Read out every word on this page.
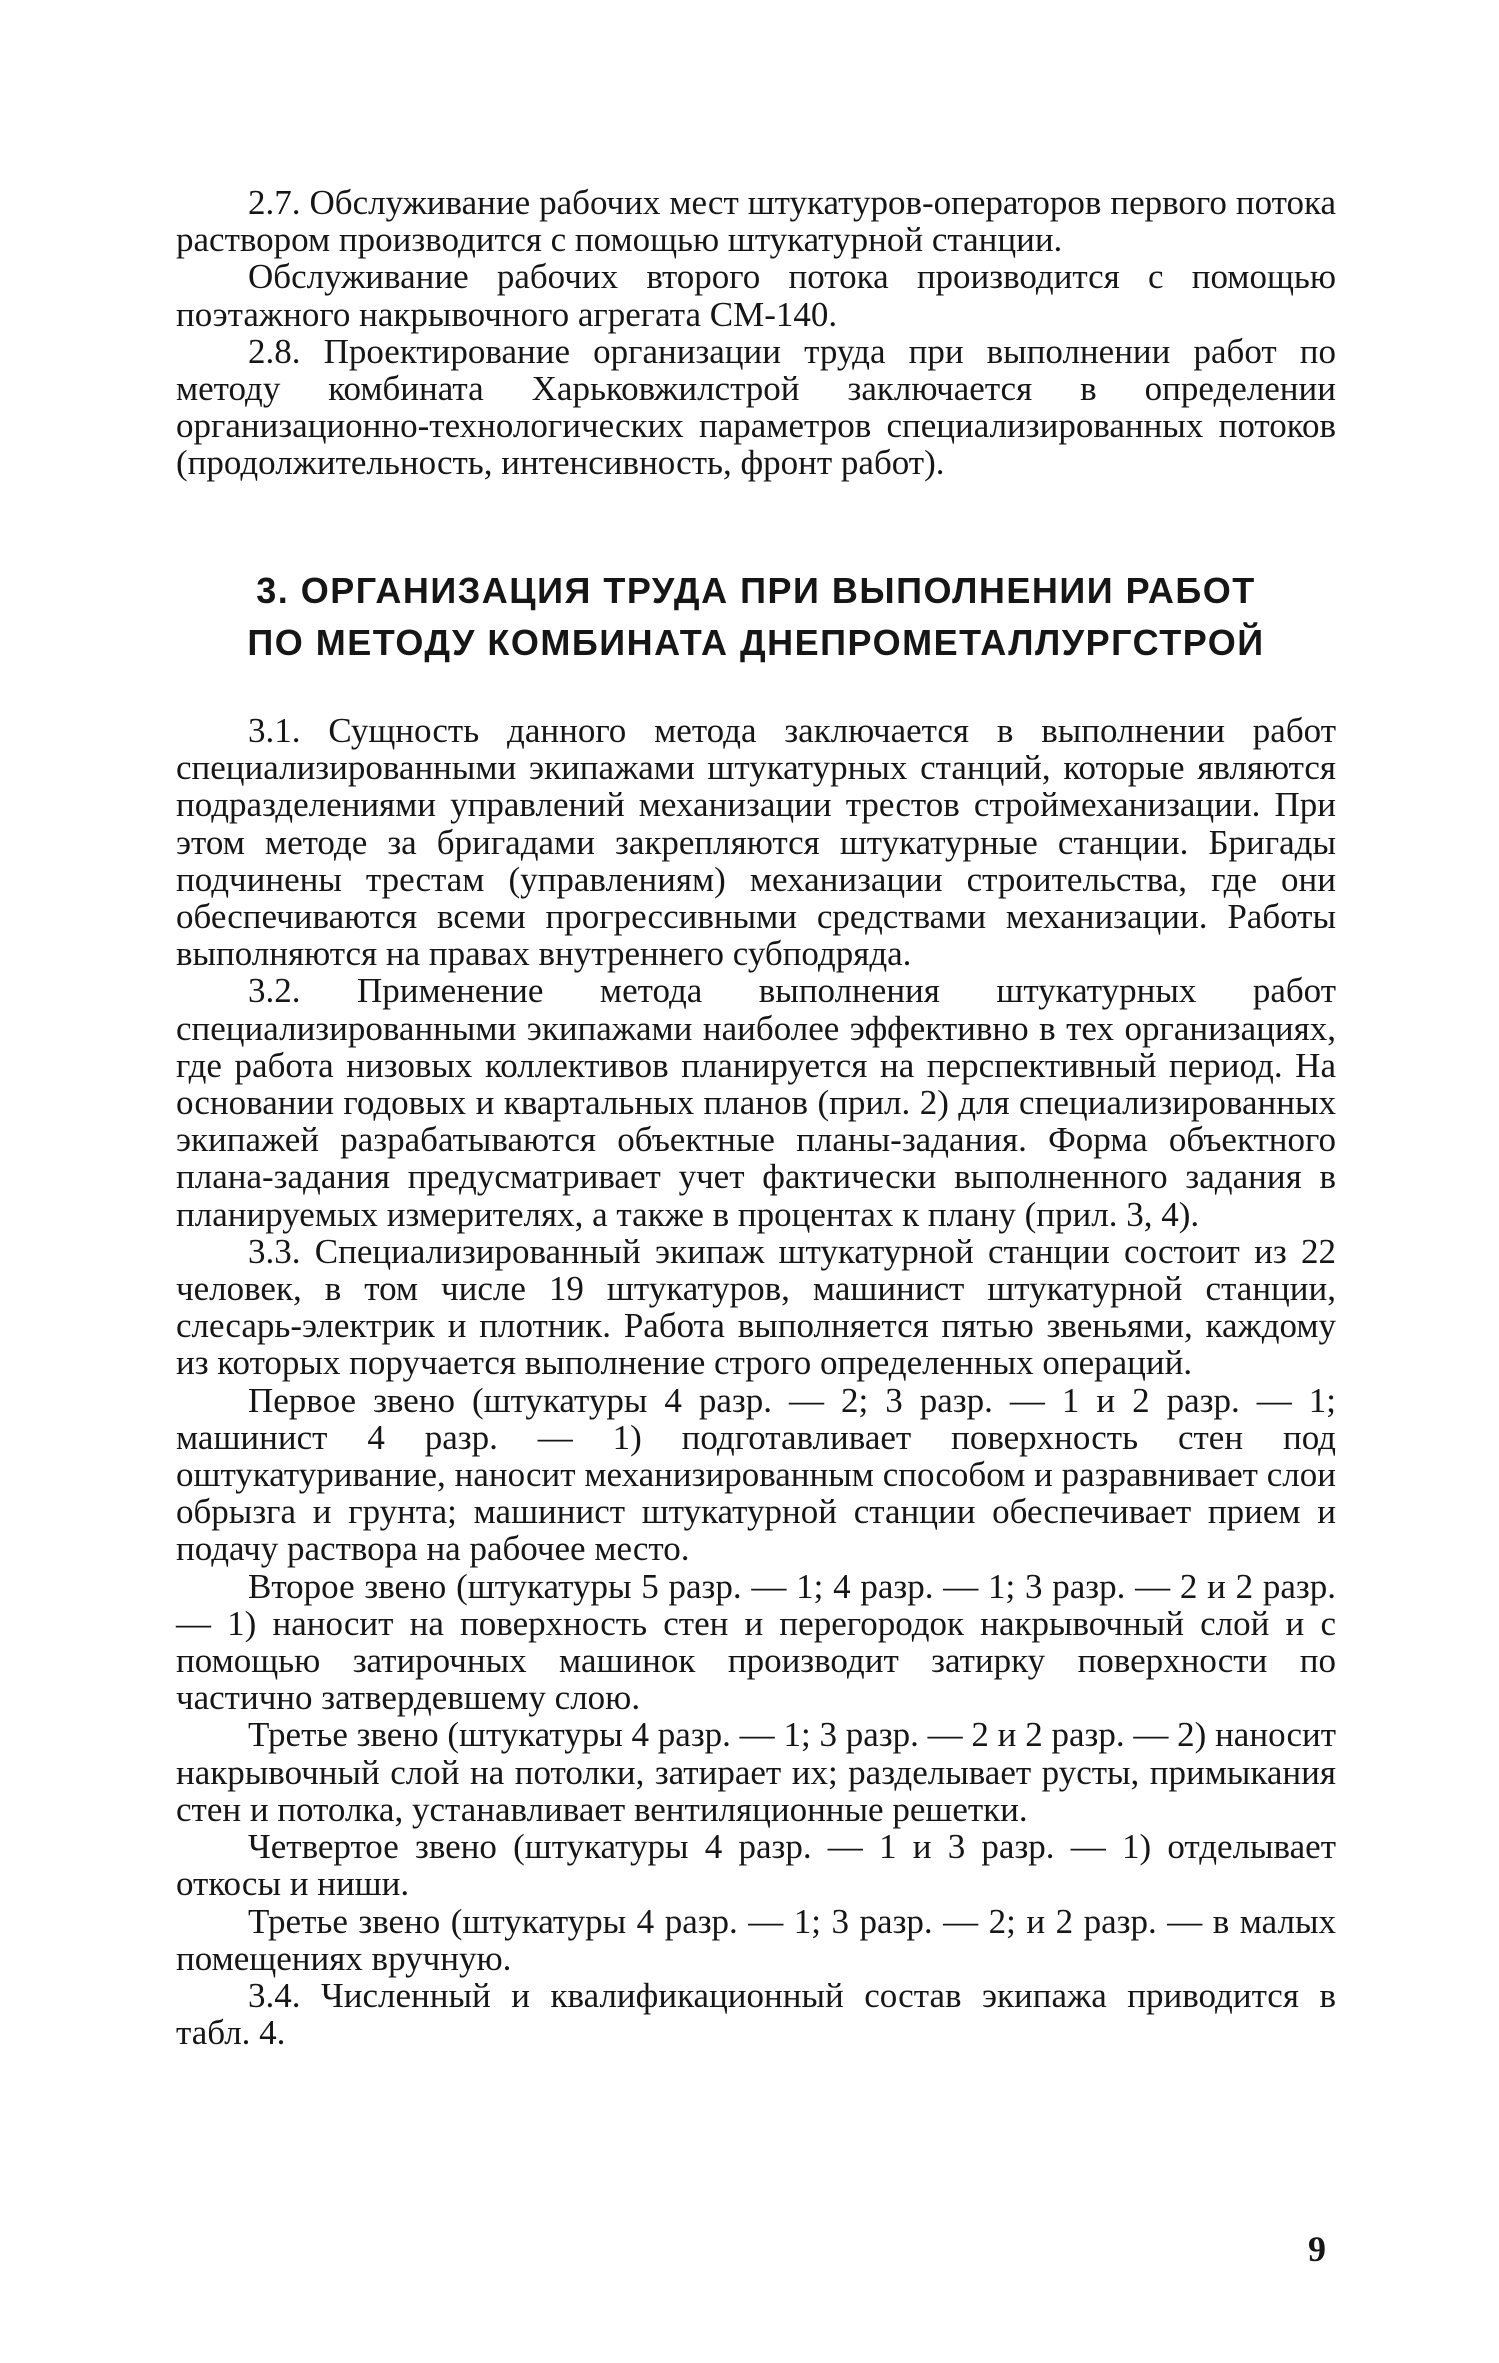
2.7. Обслуживание рабочих мест штукатуров-операторов первого потока раствором производится с помощью штукатурной станции.

Обслуживание рабочих второго потока производится с помощью поэтажного накрывочного агрегата СМ-140.

2.8. Проектирование организации труда при выполнении работ по методу комбината Харьковжилстрой заключается в определении организационно-технологических параметров специализированных потоков (продолжительность, интенсивность, фронт работ).

3. ОРГАНИЗАЦИЯ ТРУДА ПРИ ВЫПОЛНЕНИИ РАБОТ
ПО МЕТОДУ КОМБИНАТА ДНЕПРОМЕТАЛЛУРГСТРОЙ

3.1. Сущность данного метода заключается в выполнении работ специализированными экипажами штукатурных станций, которые являются подразделениями управлений механизации трестов строймеханизации. При этом методе за бригадами закрепляются штукатурные станции. Бригады подчинены трестам (управлениям) механизации строительства, где они обеспечиваются всеми прогрессивными средствами механизации. Работы выполняются на правах внутреннего субподряда.

3.2. Применение метода выполнения штукатурных работ специализированными экипажами наиболее эффективно в тех организациях, где работа низовых коллективов планируется на перспективный период. На основании годовых и квартальных планов (прил. 2) для специализированных экипажей разрабатываются объектные планы-задания. Форма объектного плана-задания предусматривает учет фактически выполненного задания в планируемых измерителях, а также в процентах к плану (прил. 3, 4).

3.3. Специализированный экипаж штукатурной станции состоит из 22 человек, в том числе 19 штукатуров, машинист штукатурной станции, слесарь-электрик и плотник. Работа выполняется пятью звеньями, каждому из которых поручается выполнение строго определенных операций.

Первое звено (штукатуры 4 разр. — 2; 3 разр. — 1 и 2 разр. — 1; машинист 4 разр. — 1) подготавливает поверхность стен под оштукатуривание, наносит механизированным способом и разравнивает слои обрызга и грунта; машинист штукатурной станции обеспечивает прием и подачу раствора на рабочее место.

Второе звено (штукатуры 5 разр. — 1; 4 разр. — 1; 3 разр. — 2 и 2 разр. — 1) наносит на поверхность стен и перегородок накрывочный слой и с помощью затирочных машинок производит затирку поверхности по частично затвердевшему слою.

Третье звено (штукатуры 4 разр. — 1; 3 разр. — 2 и 2 разр. — 2) наносит накрывочный слой на потолки, затирает их; разделывает русты, примыкания стен и потолка, устанавливает вентиляционные решетки.

Четвертое звено (штукатуры 4 разр. — 1 и 3 разр. — 1) отделывает откосы и ниши.

Третье звено (штукатуры 4 разр. — 1; 3 разр. — 2; и 2 разр. — в малых помещениях вручную.

3.4. Численный и квалификационный состав экипажа приводится в табл. 4.

9
